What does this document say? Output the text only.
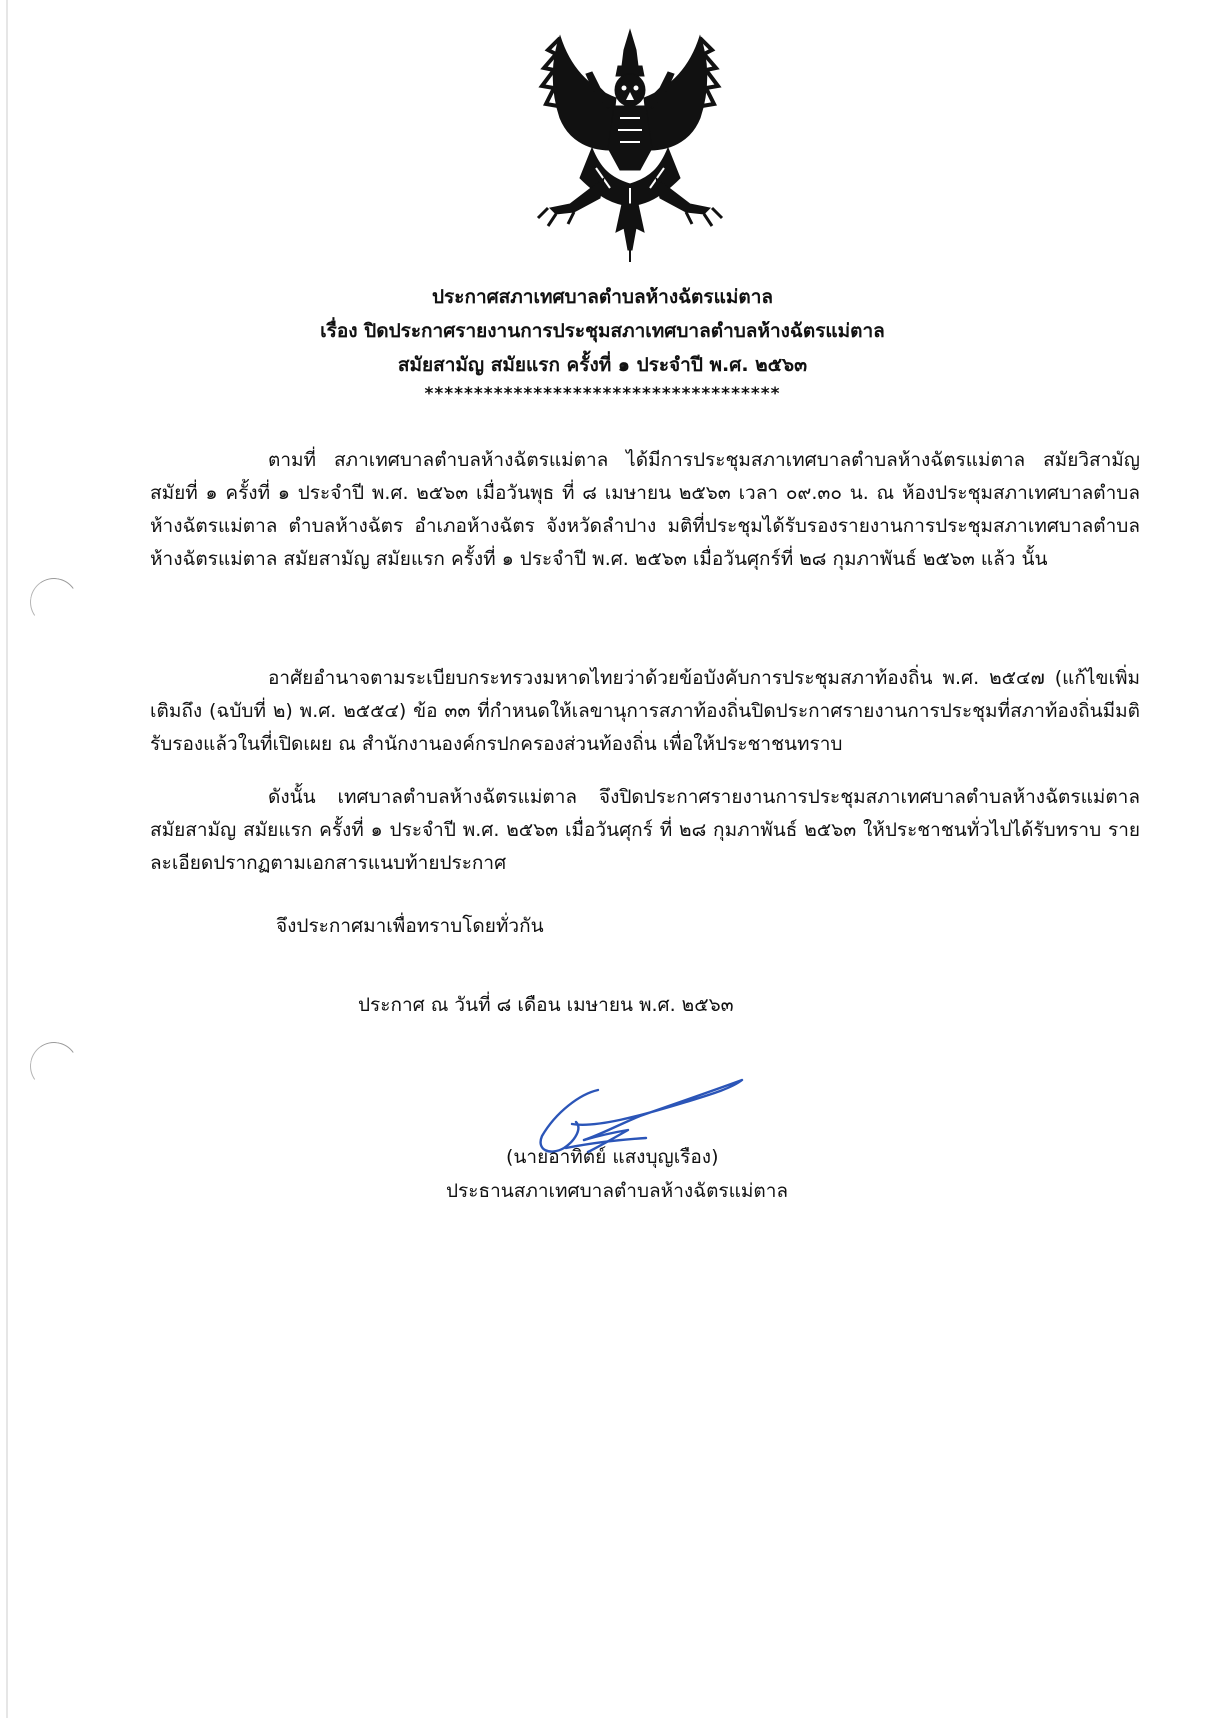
ประกาศสภาเทศบาลตำบลห้างฉัตรแม่ตาล
เรื่อง ปิดประกาศรายงานการประชุมสภาเทศบาลตำบลห้างฉัตรแม่ตาล
สมัยสามัญ สมัยแรก ครั้งที่ ๑ ประจำปี พ.ศ. ๒๕๖๓
************************************

ตามที่ สภาเทศบาลตำบลห้างฉัตรแม่ตาล ได้มีการประชุมสภาเทศบาลตำบลห้างฉัตรแม่ตาล สมัยวิสามัญ สมัยที่ ๑ ครั้งที่ ๑ ประจำปี พ.ศ. ๒๕๖๓ เมื่อวันพุธ ที่ ๘ เมษายน ๒๕๖๓ เวลา ๐๙.๓๐ น. ณ ห้องประชุมสภาเทศบาลตำบลห้างฉัตรแม่ตาล ตำบลห้างฉัตร อำเภอห้างฉัตร จังหวัดลำปาง มติที่ประชุมได้รับรองรายงานการประชุมสภาเทศบาลตำบลห้างฉัตรแม่ตาล สมัยสามัญ สมัยแรก ครั้งที่ ๑ ประจำปี พ.ศ. ๒๕๖๓ เมื่อวันศุกร์ที่ ๒๘ กุมภาพันธ์ ๒๕๖๓ แล้ว นั้น

อาศัยอำนาจตามระเบียบกระทรวงมหาดไทยว่าด้วยข้อบังคับการประชุมสภาท้องถิ่น พ.ศ. ๒๕๔๗ (แก้ไขเพิ่มเติมถึง (ฉบับที่ ๒) พ.ศ. ๒๕๕๔) ข้อ ๓๓ ที่กำหนดให้เลขานุการสภาท้องถิ่นปิดประกาศรายงานการประชุมที่สภาท้องถิ่นมีมติรับรองแล้วในที่เปิดเผย ณ สำนักงานองค์กรปกครองส่วนท้องถิ่น เพื่อให้ประชาชนทราบ

ดังนั้น เทศบาลตำบลห้างฉัตรแม่ตาล จึงปิดประกาศรายงานการประชุมสภาเทศบาลตำบลห้างฉัตรแม่ตาล สมัยสามัญ สมัยแรก ครั้งที่ ๑ ประจำปี พ.ศ. ๒๕๖๓ เมื่อวันศุกร์ ที่ ๒๘ กุมภาพันธ์ ๒๕๖๓ ให้ประชาชนทั่วไปได้รับทราบ รายละเอียดปรากฏตามเอกสารแนบท้ายประกาศ

จึงประกาศมาเพื่อทราบโดยทั่วกัน
ประกาศ ณ วันที่ ๘ เดือน เมษายน พ.ศ. ๒๕๖๓
(นายอาทิตย์ แสงบุญเรือง)
ประธานสภาเทศบาลตำบลห้างฉัตรแม่ตาล
